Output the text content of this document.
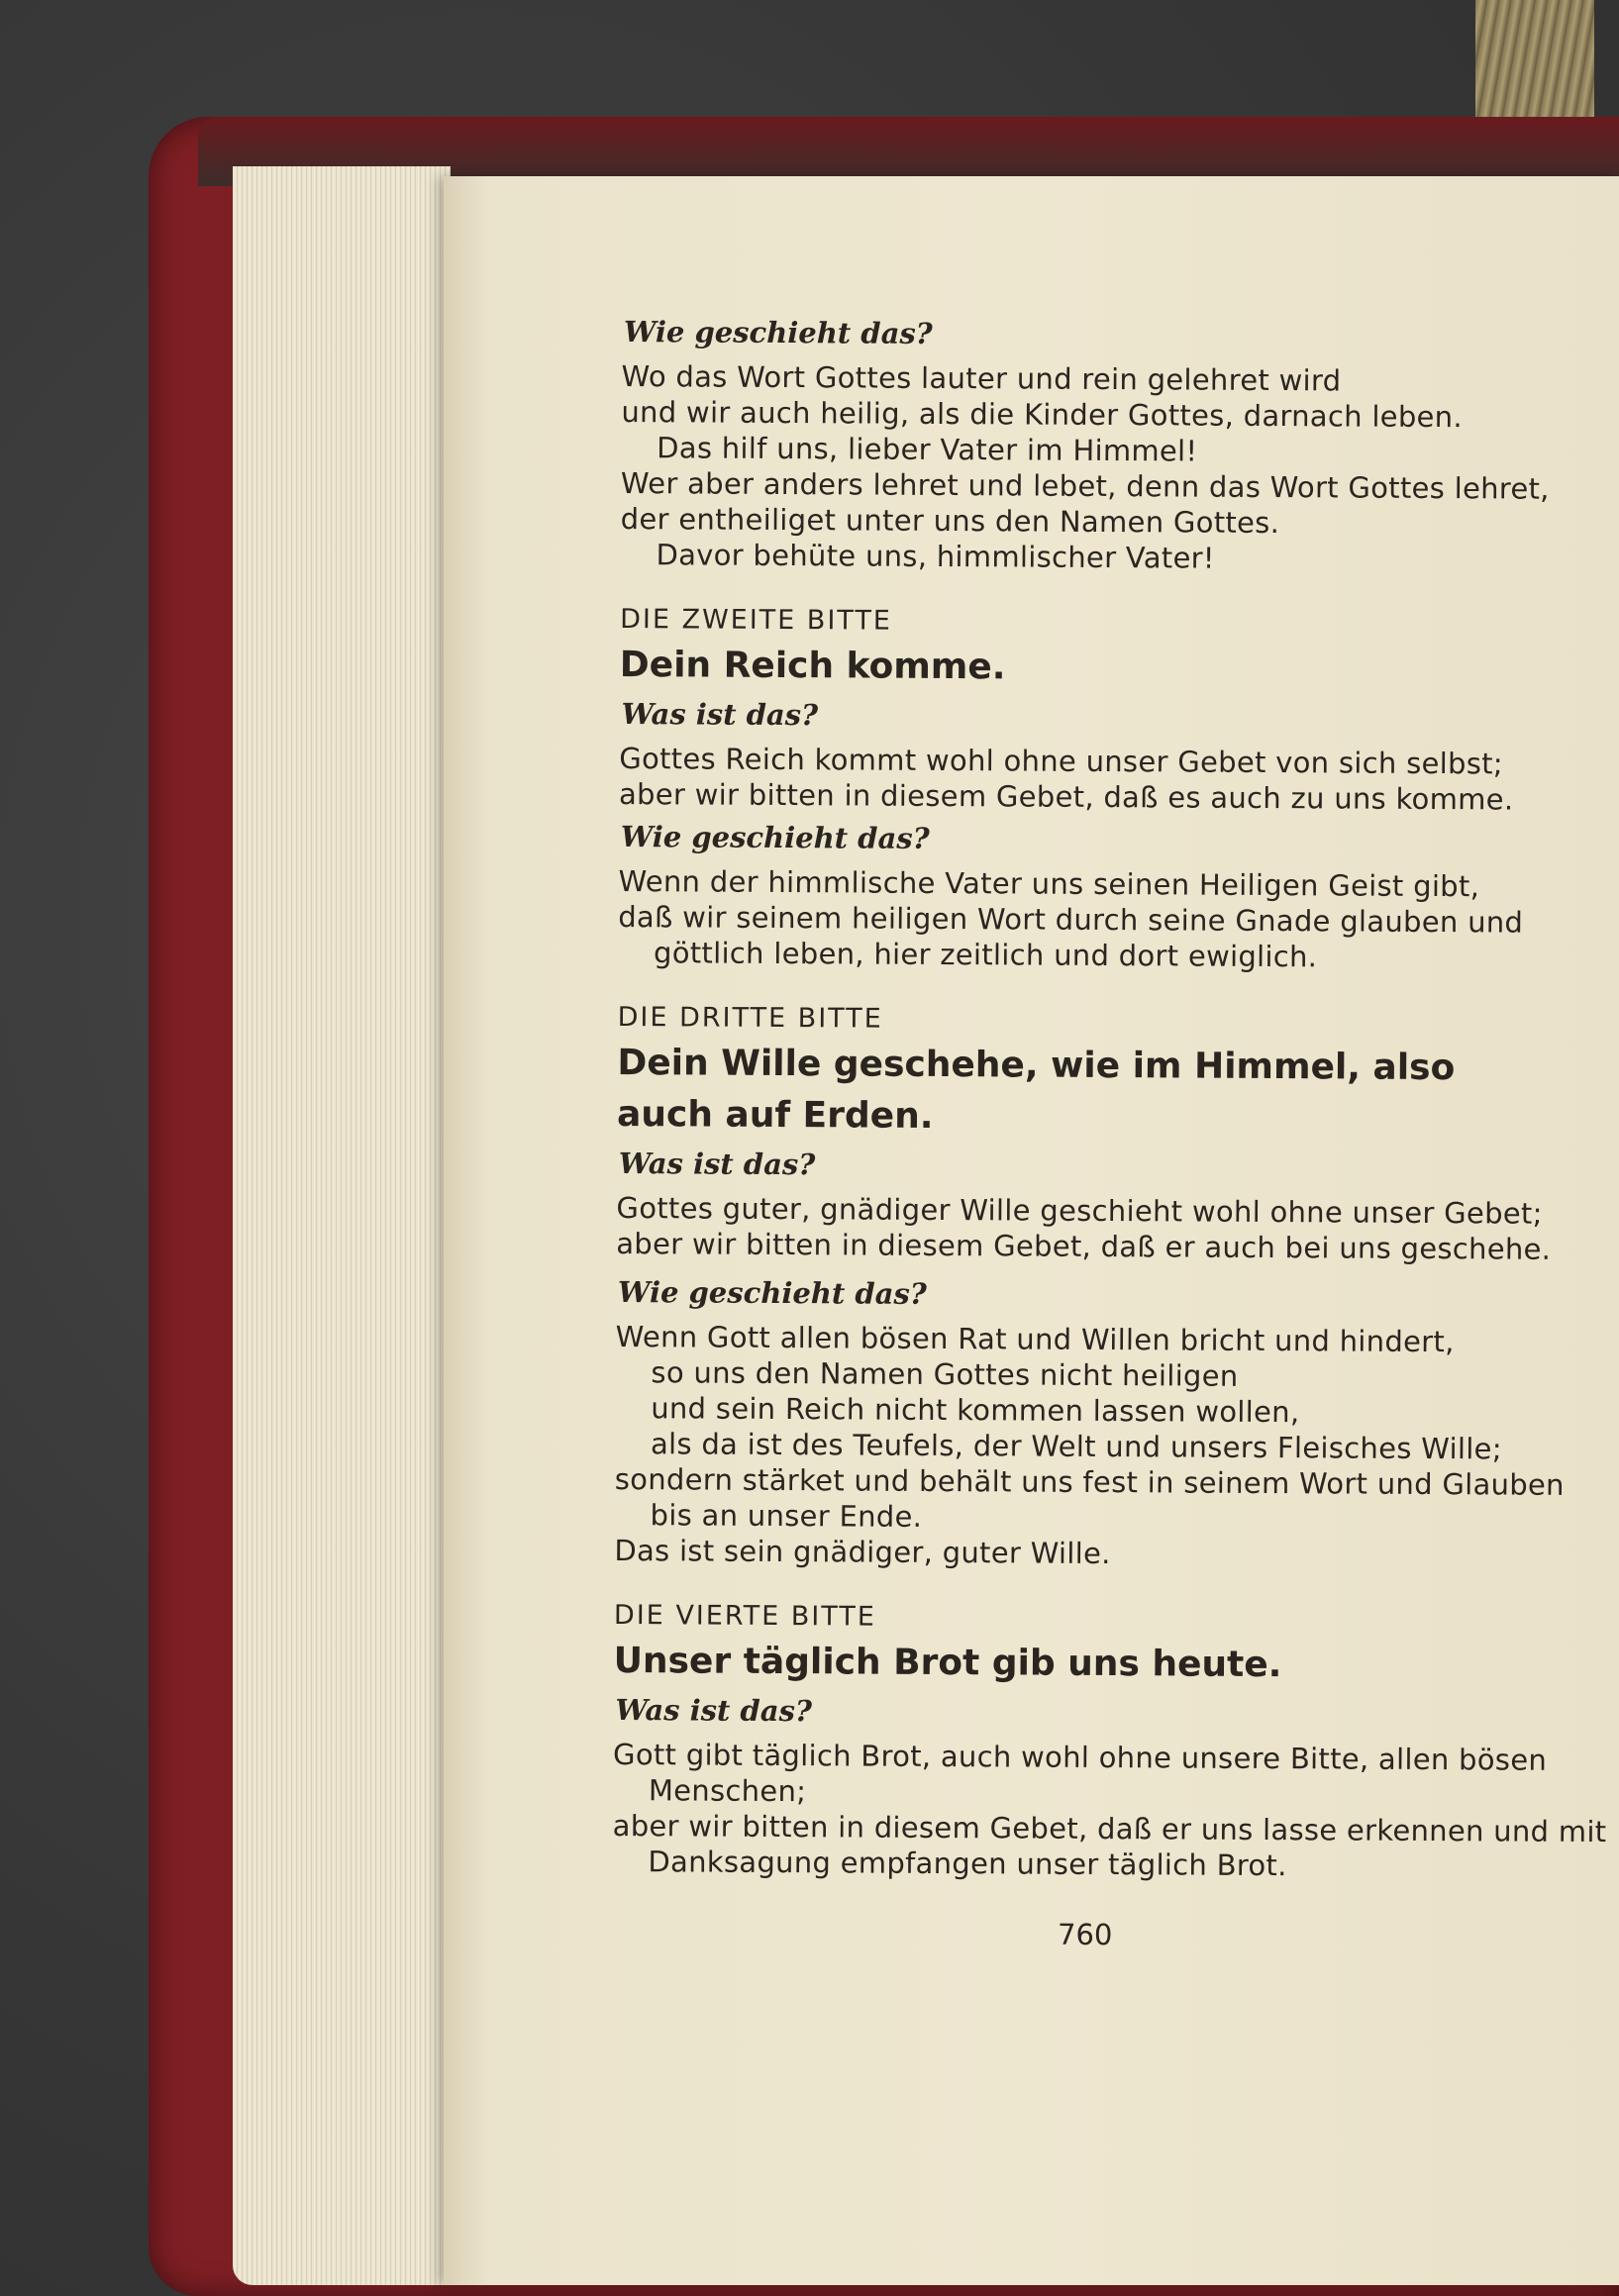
Wie geschieht das?
Wo das Wort Gottes lauter und rein gelehret wird
und wir auch heilig, als die Kinder Gottes, darnach leben.
Das hilf uns, lieber Vater im Himmel!
Wer aber anders lehret und lebet, denn das Wort Gottes lehret,
der entheiliget unter uns den Namen Gottes.
Davor behüte uns, himmlischer Vater!
DIE ZWEITE BITTE
Dein Reich komme.
Was ist das?
Gottes Reich kommt wohl ohne unser Gebet von sich selbst;
aber wir bitten in diesem Gebet, daß es auch zu uns komme.
Wie geschieht das?
Wenn der himmlische Vater uns seinen Heiligen Geist gibt,
daß wir seinem heiligen Wort durch seine Gnade glauben und
göttlich leben, hier zeitlich und dort ewiglich.
DIE DRITTE BITTE
Dein Wille geschehe, wie im Himmel, also auch auf Erden.
Was ist das?
Gottes guter, gnädiger Wille geschieht wohl ohne unser Gebet;
aber wir bitten in diesem Gebet, daß er auch bei uns geschehe.
Wie geschieht das?
Wenn Gott allen bösen Rat und Willen bricht und hindert,
so uns den Namen Gottes nicht heiligen
und sein Reich nicht kommen lassen wollen,
als da ist des Teufels, der Welt und unsers Fleisches Wille;
sondern stärket und behält uns fest in seinem Wort und Glauben
bis an unser Ende.
Das ist sein gnädiger, guter Wille.
DIE VIERTE BITTE
Unser täglich Brot gib uns heute.
Was ist das?
Gott gibt täglich Brot, auch wohl ohne unsere Bitte, allen bösen
Menschen;
aber wir bitten in diesem Gebet, daß er uns lasse erkennen und mit
Danksagung empfangen unser täglich Brot.
760
